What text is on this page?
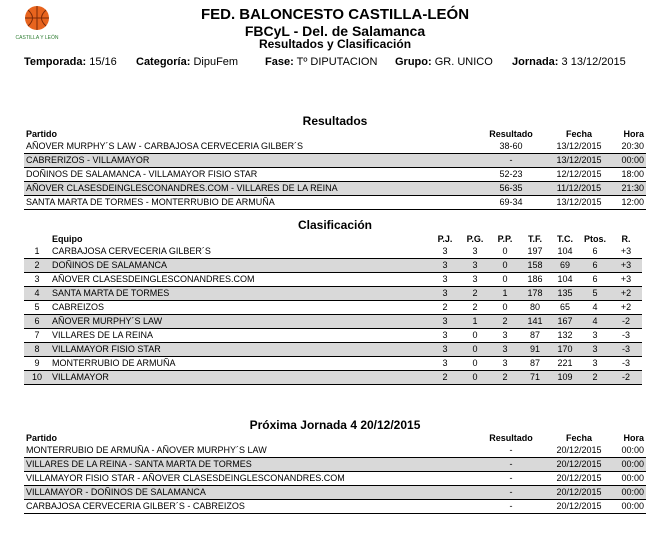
CASTILLA Y LEÓN
FED. BALONCESTO CASTILLA-LEÓN
FBCyL - Del. de Salamanca
Resultados y Clasificación
Temporada: 15/16 Categoría: DipuFem Fase: Tº DIPUTACION Grupo: GR. UNICO Jornada: 3 13/12/2015
Resultados
Partido	Resultado	Fecha	Hora
AÑOVER MURPHY´S LAW - CARBAJOSA CERVECERIA GILBER´S	38-60	13/12/2015	20:30
CABRERIZOS - VILLAMAYOR	-	13/12/2015	00:00
DOÑINOS DE SALAMANCA - VILLAMAYOR FISIO STAR	52-23	12/12/2015	18:00
AÑOVER CLASESDEINGLESCONANDRES.COM - VILLARES DE LA REINA	56-35	11/12/2015	21:30
SANTA MARTA DE TORMES - MONTERRUBIO DE ARMUÑA	69-34	13/12/2015	12:00
Clasificación
	Equipo	P.J.	P.G.	P.P.	T.F.	T.C.	Ptos.	R.
1	CARBAJOSA CERVECERIA GILBER´S	3	3	0	197	104	6	+3
2	DOÑINOS DE SALAMANCA	3	3	0	158	69	6	+3
3	AÑOVER CLASESDEINGLESCONANDRES.COM	3	3	0	186	104	6	+3
4	SANTA MARTA DE TORMES	3	2	1	178	135	5	+2
5	CABREIZOS	2	2	0	80	65	4	+2
6	AÑOVER MURPHY´S LAW	3	1	2	141	167	4	-2
7	VILLARES DE LA REINA	3	0	3	87	132	3	-3
8	VILLAMAYOR FISIO STAR	3	0	3	91	170	3	-3
9	MONTERRUBIO DE ARMUÑA	3	0	3	87	221	3	-3
10	VILLAMAYOR	2	0	2	71	109	2	-2
Próxima Jornada 4 20/12/2015
Partido	Resultado	Fecha	Hora
MONTERRUBIO DE ARMUÑA - AÑOVER MURPHY´S LAW	-	20/12/2015	00:00
VILLARES DE LA REINA - SANTA MARTA DE TORMES	-	20/12/2015	00:00
VILLAMAYOR FISIO STAR - AÑOVER CLASESDEINGLESCONANDRES.COM	-	20/12/2015	00:00
VILLAMAYOR - DOÑINOS DE SALAMANCA	-	20/12/2015	00:00
CARBAJOSA CERVECERIA GILBER´S - CABREIZOS	-	20/12/2015	00:00
